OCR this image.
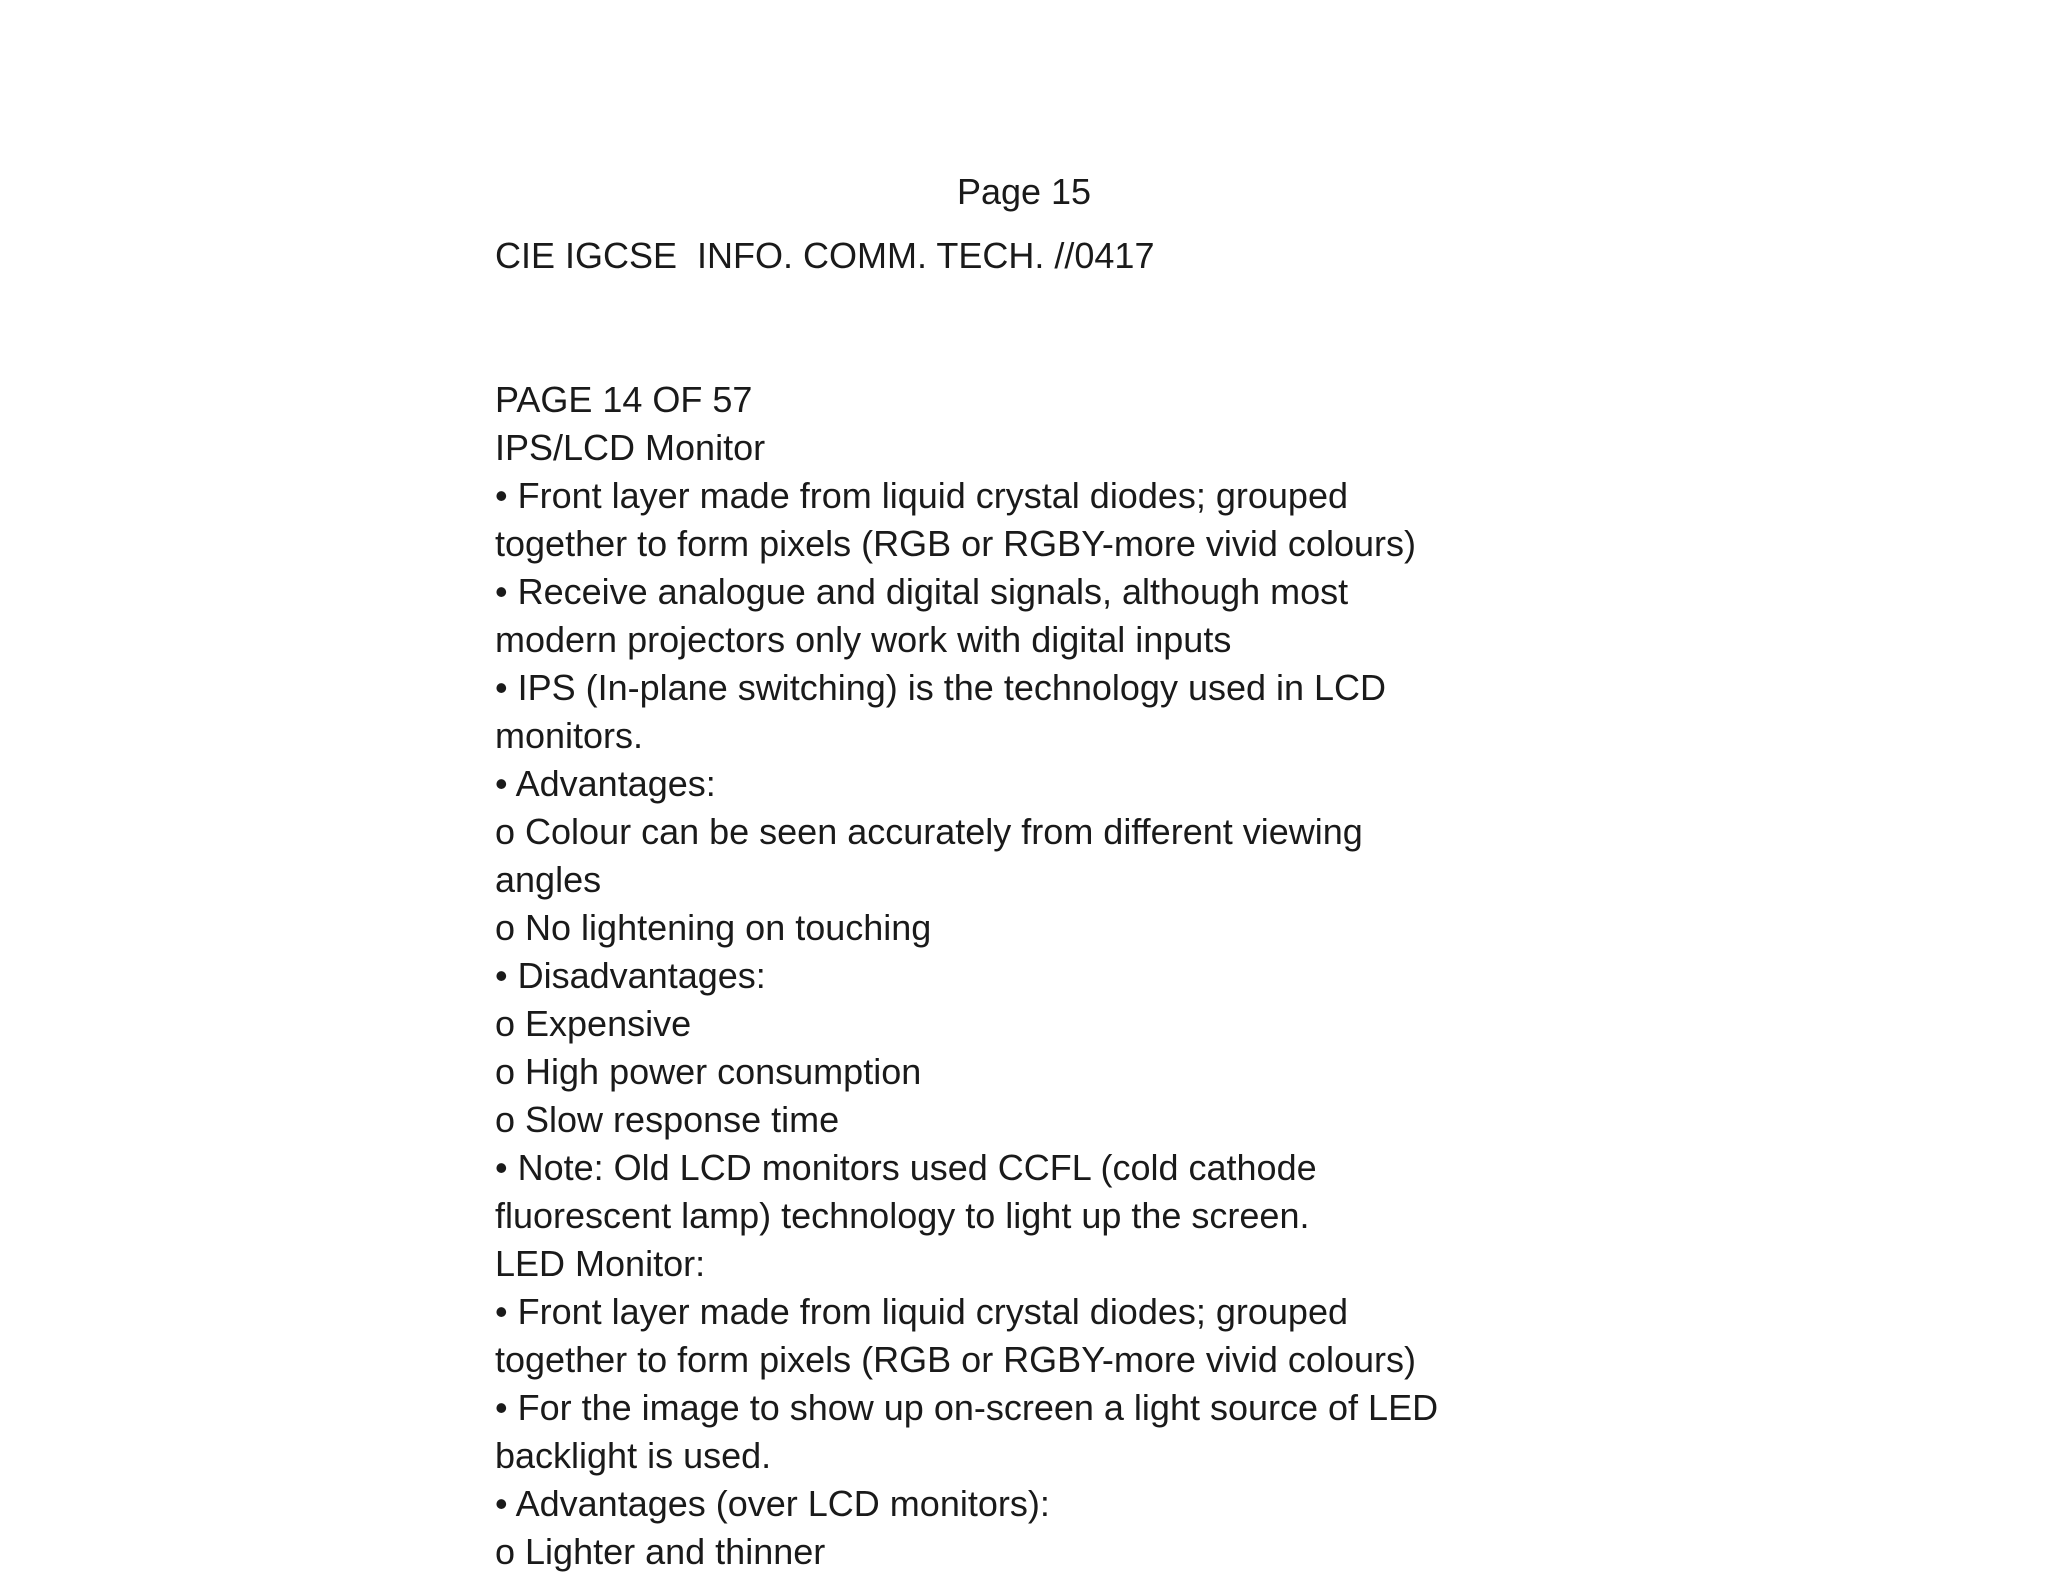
Page 15
CIE IGCSE  INFO. COMM. TECH. //0417
PAGE 14 OF 57
IPS/LCD Monitor
• Front layer made from liquid crystal diodes; grouped
together to form pixels (RGB or RGBY-more vivid colours)
• Receive analogue and digital signals, although most
modern projectors only work with digital inputs
• IPS (In-plane switching) is the technology used in LCD
monitors.
• Advantages:
o Colour can be seen accurately from different viewing
angles
o No lightening on touching
• Disadvantages:
o Expensive
o High power consumption
o Slow response time
• Note: Old LCD monitors used CCFL (cold cathode
fluorescent lamp) technology to light up the screen.
LED Monitor:
• Front layer made from liquid crystal diodes; grouped
together to form pixels (RGB or RGBY-more vivid colours)
• For the image to show up on-screen a light source of LED
backlight is used.
• Advantages (over LCD monitors):
o Lighter and thinner
